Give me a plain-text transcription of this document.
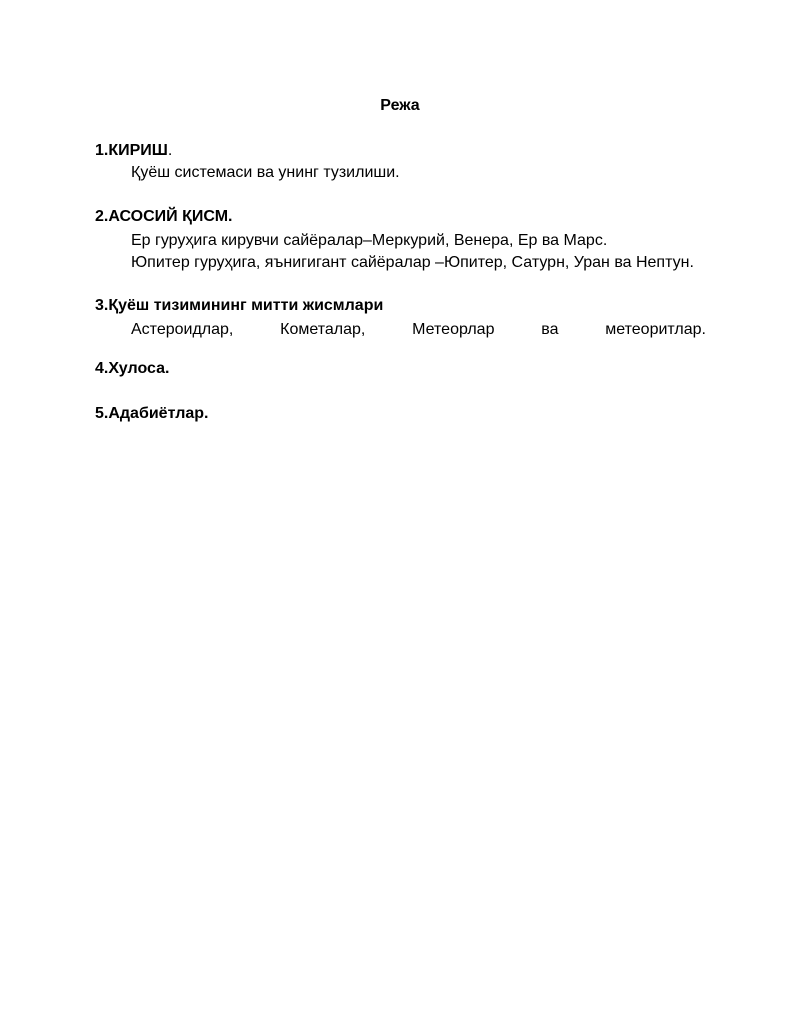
Режа
1.КИРИШ.
Қуёш системаси ва унинг тузилиши.
2.АСОСИЙ ҚИСМ.
Ер гуруҳига кирувчи сайёралар–Меркурий, Венера, Ер ва Марс.
Юпитер гуруҳига, яънигигант сайёралар –Юпитер, Сатурн, Уран ва Нептун.
3.Қуёш тизимининг митти жисмлари
Астероидлар,	Кометалар,	Метеорлар	ва	метеоритлар.
4.Хулоса.
5.Адабиётлар.
